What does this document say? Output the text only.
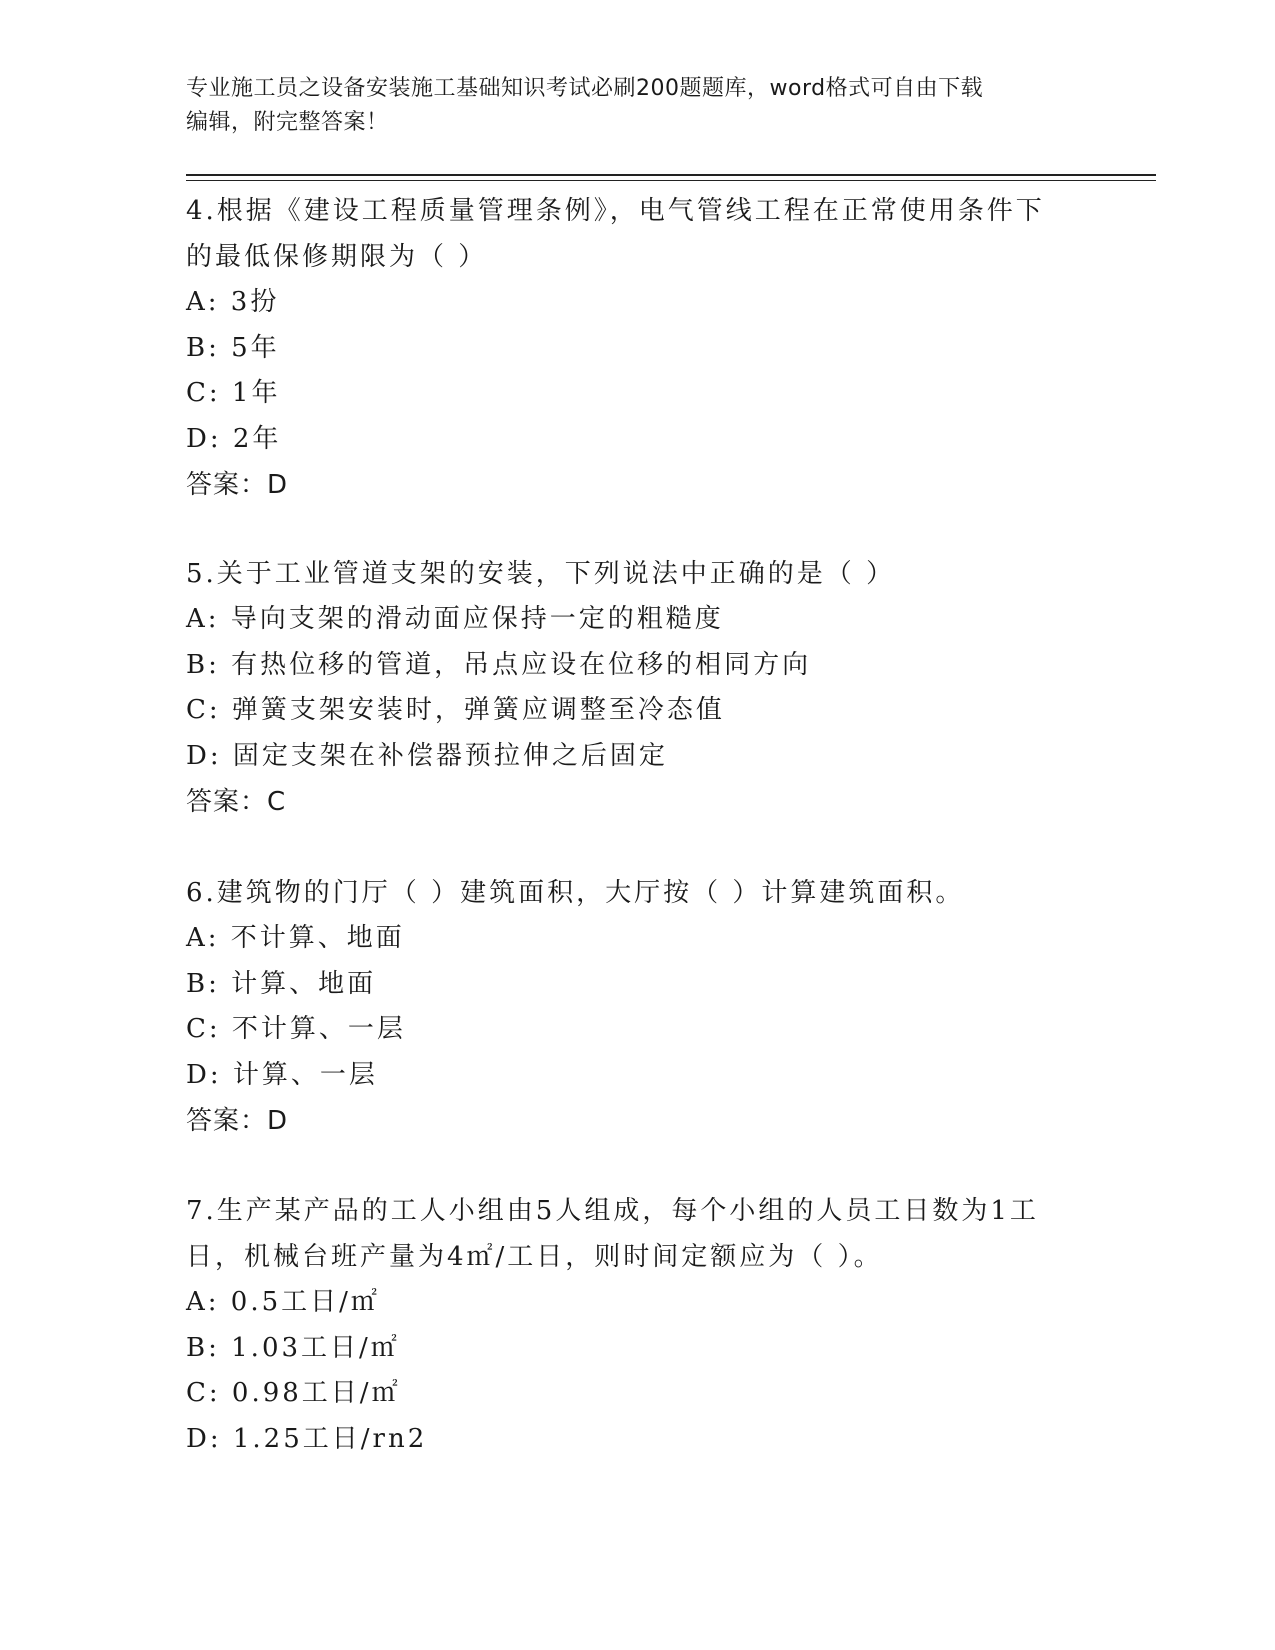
专业施工员之设备安装施工基础知识考试必刷200题题库，word格式可自由下载
编辑，附完整答案！
4.根据《建设工程质量管理条例》，电气管线工程在正常使用条件下
的最低保修期限为（ ）
A: 3扮
B: 5年
C: 1年
D: 2年
答案：D
5.关于工业管道支架的安装，下列说法中正确的是（ ）
A: 导向支架的滑动面应保持一定的粗糙度
B: 有热位移的管道，吊点应设在位移的相同方向
C: 弹簧支架安装时，弹簧应调整至冷态值
D: 固定支架在补偿器预拉伸之后固定
答案：C
6.建筑物的门厅（ ）建筑面积，大厅按（ ）计算建筑面积。
A: 不计算、地面
B: 计算、地面
C: 不计算、一层
D: 计算、一层
答案：D
7.生产某产品的工人小组由5人组成，每个小组的人员工日数为1工
日，机械台班产量为4㎡/工日，则时间定额应为（ ）。
A: 0.5工日/㎡
B: 1.03工日/㎡
C: 0.98工日/㎡
D: 1.25工日/rn2
